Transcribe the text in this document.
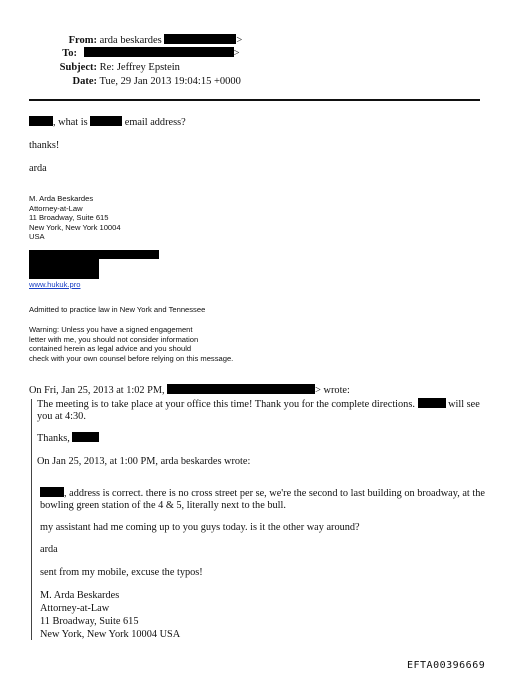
From: arda beskardes	>
To:	>
Subject: Re: Jeffrey Epstein
Date: Tue, 29 Jan 2013 19:04:15 +0000
, what is	email address?
thanks!
arda
M. Arda Beskardes
Attorney-at-Law
11 Broadway, Suite 615
New York, New York 10004
USA
www.hukuk.pro
Admitted to practice law in New York and Tennessee
Warning: Unless you have a signed engagement
letter with me, you should not consider information
contained herein as legal advice and you should
check with your own counsel before relying on this message.
On Fri, Jan 25, 2013 at 1:02 PM,	> wrote:
The meeting is to take place at your office this time! Thank you for the complete directions.	will see
you at 4:30.
Thanks,
On Jan 25, 2013, at 1:00 PM, arda beskardes wrote:
, address is correct. there is no cross street per se, we're the second to last building on broadway, at the
bowling green station of the 4 & 5, literally next to the bull.
my assistant had me coming up to you guys today. is it the other way around?
arda
sent from my mobile, excuse the typos!
M. Arda Beskardes
Attorney-at-Law
11 Broadway, Suite 615
New York, New York 10004 USA
EFTA00396669
